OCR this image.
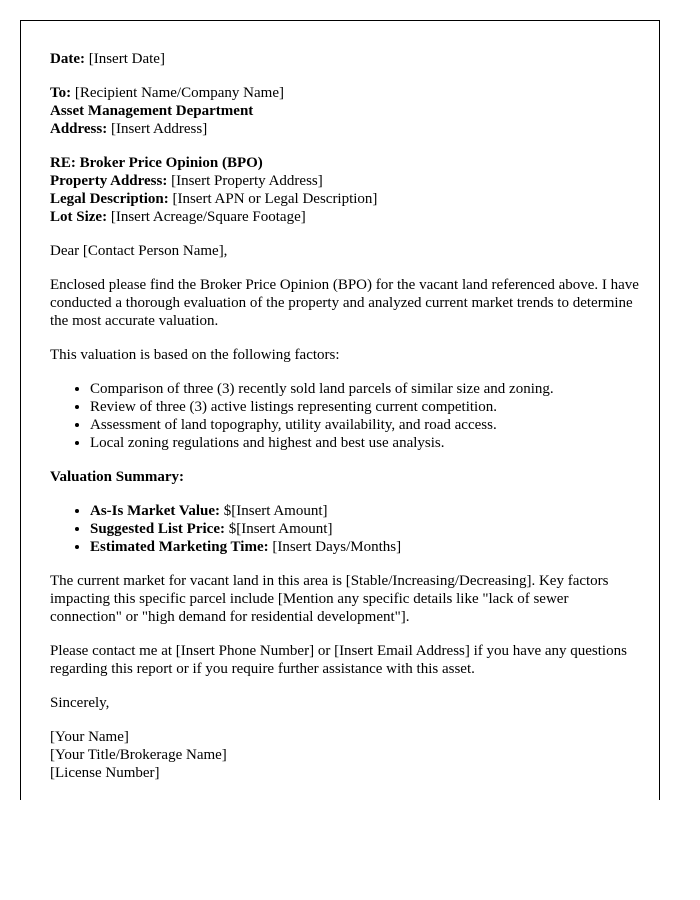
Date: [Insert Date]
To: [Recipient Name/Company Name]
Asset Management Department
Address: [Insert Address]
RE: Broker Price Opinion (BPO)
Property Address: [Insert Property Address]
Legal Description: [Insert APN or Legal Description]
Lot Size: [Insert Acreage/Square Footage]

Dear [Contact Person Name],

Enclosed please find the Broker Price Opinion (BPO) for the vacant land referenced above. I have conducted a thorough evaluation of the property and analyzed current market trends to determine the most accurate valuation.

This valuation is based on the following factors:

• Comparison of three (3) recently sold land parcels of similar size and zoning.
• Review of three (3) active listings representing current competition.
• Assessment of land topography, utility availability, and road access.
• Local zoning regulations and highest and best use analysis.

Valuation Summary:

• As-Is Market Value: $[Insert Amount]
• Suggested List Price: $[Insert Amount]
• Estimated Marketing Time: [Insert Days/Months]

The current market for vacant land in this area is [Stable/Increasing/Decreasing]. Key factors impacting this specific parcel include [Mention any specific details like "lack of sewer connection" or "high demand for residential development"].

Please contact me at [Insert Phone Number] or [Insert Email Address] if you have any questions regarding this report or if you require further assistance with this asset.

Sincerely,

[Your Name]
[Your Title/Brokerage Name]
[License Number]
